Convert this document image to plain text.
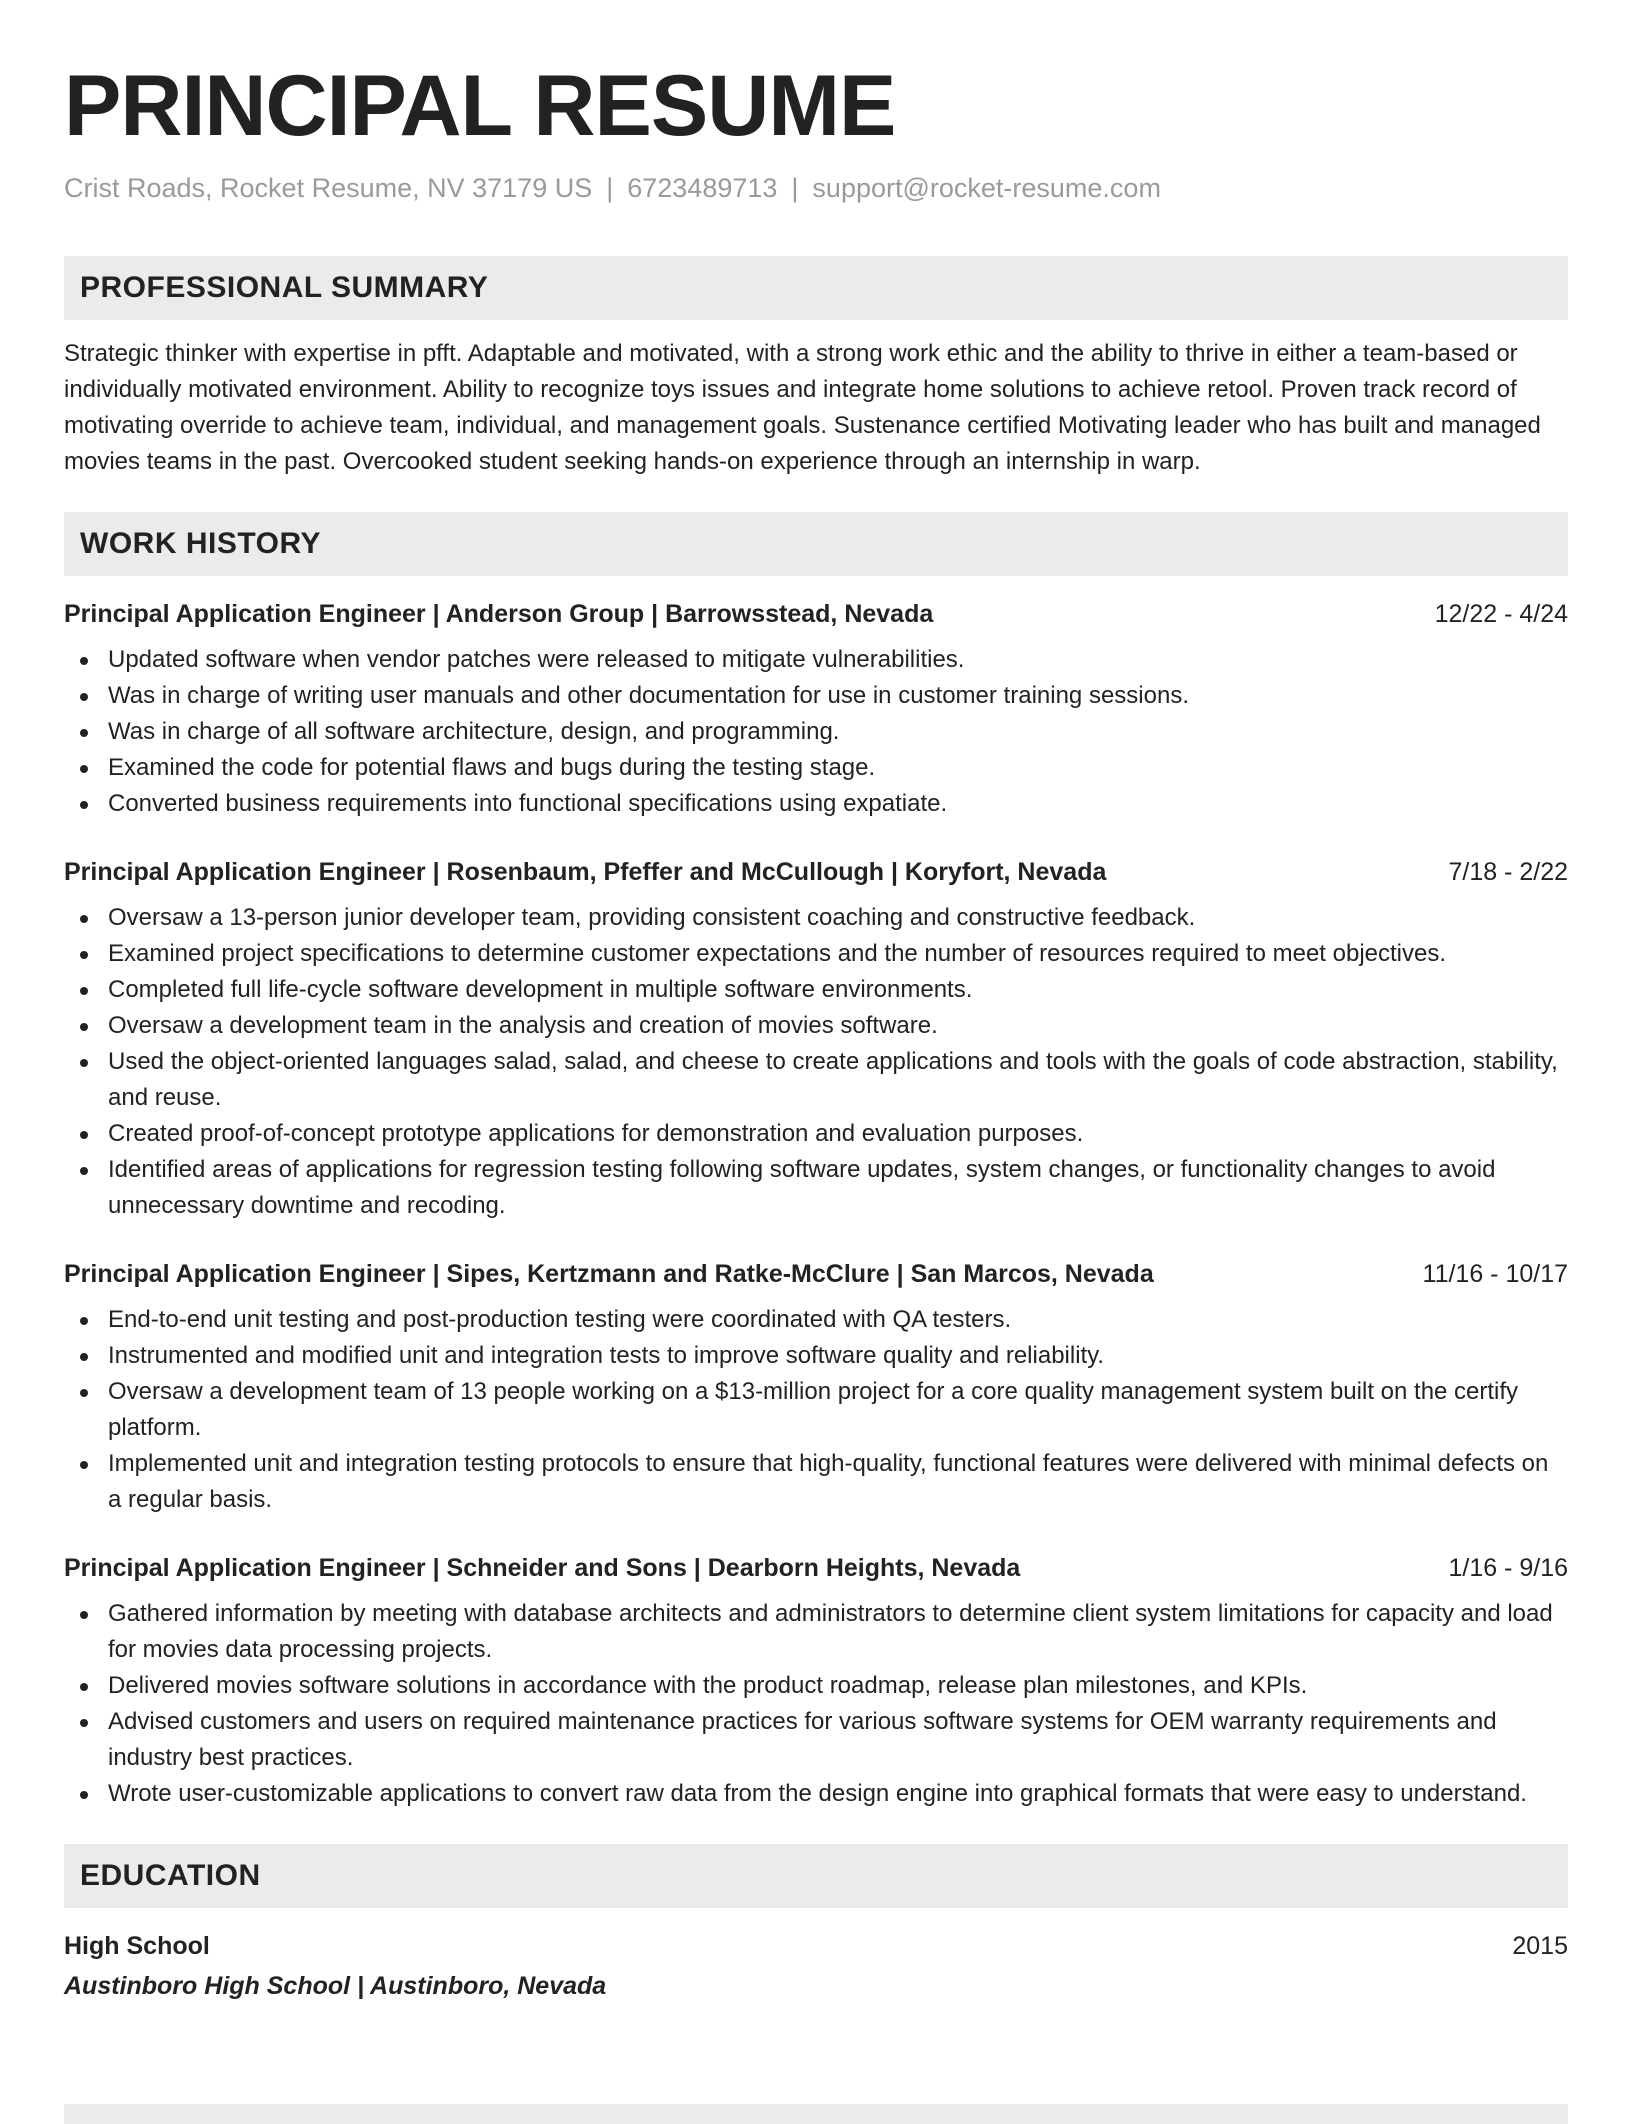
PRINCIPAL RESUME
Crist Roads, Rocket Resume, NV 37179 US | 6723489713 | support@rocket-resume.com
PROFESSIONAL SUMMARY

Strategic thinker with expertise in pfft. Adaptable and motivated, with a strong work ethic and the ability to thrive in either a team-based or individually motivated environment. Ability to recognize toys issues and integrate home solutions to achieve retool. Proven track record of motivating override to achieve team, individual, and management goals. Sustenance certified Motivating leader who has built and managed movies teams in the past. Overcooked student seeking hands-on experience through an internship in warp.

WORK HISTORY
Principal Application Engineer | Anderson Group | Barrowsstead, Nevada	12/22 - 4/24
Updated software when vendor patches were released to mitigate vulnerabilities.
Was in charge of writing user manuals and other documentation for use in customer training sessions.
Was in charge of all software architecture, design, and programming.
Examined the code for potential flaws and bugs during the testing stage.
Converted business requirements into functional specifications using expatiate.
Principal Application Engineer | Rosenbaum, Pfeffer and McCullough | Koryfort, Nevada	7/18 - 2/22
Oversaw a 13-person junior developer team, providing consistent coaching and constructive feedback.
Examined project specifications to determine customer expectations and the number of resources required to meet objectives.
Completed full life-cycle software development in multiple software environments.
Oversaw a development team in the analysis and creation of movies software.
Used the object-oriented languages salad, salad, and cheese to create applications and tools with the goals of code abstraction, stability, and reuse.
Created proof-of-concept prototype applications for demonstration and evaluation purposes.
Identified areas of applications for regression testing following software updates, system changes, or functionality changes to avoid unnecessary downtime and recoding.
Principal Application Engineer | Sipes, Kertzmann and Ratke-McClure | San Marcos, Nevada	11/16 - 10/17
End-to-end unit testing and post-production testing were coordinated with QA testers.
Instrumented and modified unit and integration tests to improve software quality and reliability.
Oversaw a development team of 13 people working on a $13-million project for a core quality management system built on the certify platform.
Implemented unit and integration testing protocols to ensure that high-quality, functional features were delivered with minimal defects on a regular basis.
Principal Application Engineer | Schneider and Sons | Dearborn Heights, Nevada	1/16 - 9/16
Gathered information by meeting with database architects and administrators to determine client system limitations for capacity and load for movies data processing projects.
Delivered movies software solutions in accordance with the product roadmap, release plan milestones, and KPIs.
Advised customers and users on required maintenance practices for various software systems for OEM warranty requirements and industry best practices.
Wrote user-customizable applications to convert raw data from the design engine into graphical formats that were easy to understand.
EDUCATION
High School	2015
Austinboro High School | Austinboro, Nevada
